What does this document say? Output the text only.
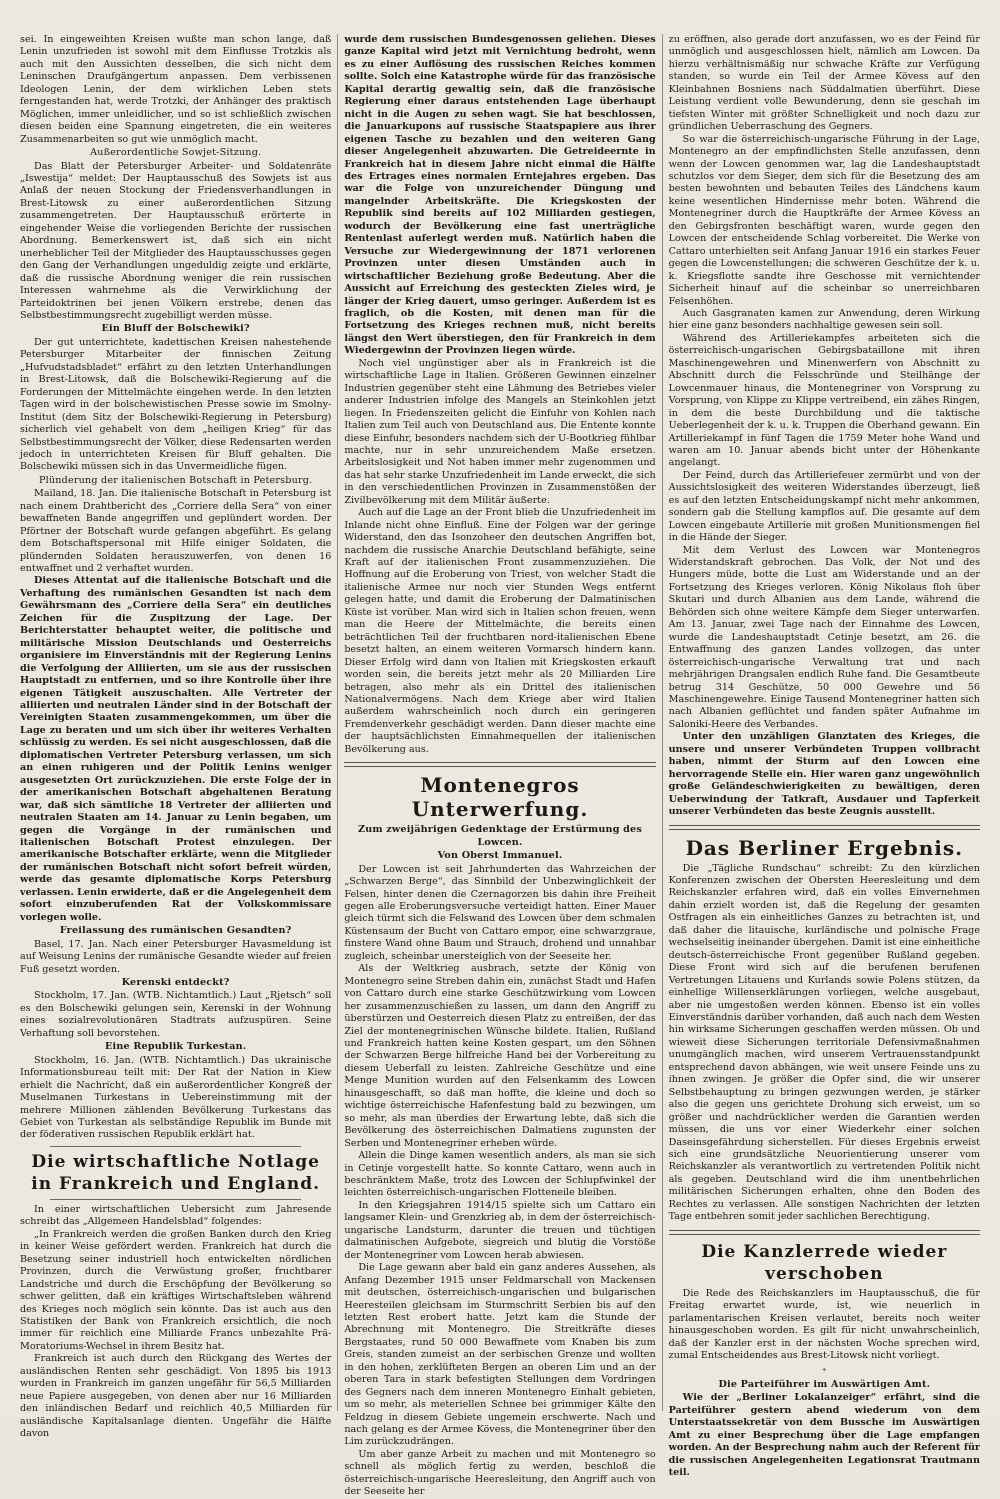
sei. In eingeweihten Kreisen wußte man schon lange, daß Lenin unzufrieden ist sowohl mit dem Einflusse Trotzkis als auch mit den Aussichten desselben, die sich nicht dem Leninschen Draufgängertum anpassen. Dem verbissenen Ideologen Lenin, der dem wirklichen Leben stets ferngestanden hat, werde Trotzki, der Anhänger des praktisch Möglichen, immer unleidlicher, und so ist schließlich zwischen diesen beiden eine Spannung eingetreten, die ein weiteres Zusammenarbeiten so gut wie unmöglich macht.

Außerordentliche Sowjet-Sitzung.

Das Blatt der Petersburger Arbeiter- und Soldatenräte „Iswestija“ meldet: Der Hauptausschuß des Sowjets ist aus Anlaß der neuen Stockung der Friedensverhandlungen in Brest-Litowsk zu einer außerordentlichen Sitzung zusammengetreten. Der Hauptausschuß erörterte in eingehender Weise die vorliegenden Berichte der russischen Abordnung. Bemerkenswert ist, daß sich ein nicht unerheblicher Teil der Mitglieder des Hauptausschusses gegen den Gang der Verhandlungen ungeduldig zeigte und erklärte, daß die russische Abordnung weniger die rein russischen Interessen wahrnehme als die Verwirklichung der Parteidoktrinen bei jenen Völkern erstrebe, denen das Selbstbestimmungsrecht zugebilligt werden müsse.

Ein Bluff der Bolschewiki?

Der gut unterrichtete, kadettischen Kreisen nahestehende Petersburger Mitarbeiter der finnischen Zeitung „Hufvudstadsbladet“ erfährt zu den letzten Unterhandlungen in Brest-Litowsk, daß die Bolschewiki-Regierung auf die Forderungen der Mittelmächte eingehen werde. In den letzten Tagen wird in der bolschewistischen Presse sowie im Smolny-Institut (dem Sitz der Bolschewiki-Regierung in Petersburg) sicherlich viel gehabelt von dem „heiligen Krieg“ für das Selbstbestimmungsrecht der Völker, diese Redensarten werden jedoch in unterrichteten Kreisen für Bluff gehalten. Die Bolschewiki müssen sich in das Unvermeidliche fügen.

Plünderung der italienischen Botschaft in Petersburg.

Mailand, 18. Jan. Die italienische Botschaft in Petersburg ist nach einem Drahtbericht des „Corriere della Sera“ von einer bewaffneten Bande angegriffen und geplündert worden. Der Pförtner der Botschaft wurde gefangen abgeführt. Es gelang dem Botschaftspersonal mit Hilfe einiger Soldaten, die plündernden Soldaten herauszuwerfen, von denen 16 entwaffnet und 2 verhaftet wurden.

Dieses Attentat auf die italienische Botschaft und die Verhaftung des rumänischen Gesandten ist nach dem Gewährsmann des „Corriere della Sera“ ein deutliches Zeichen für die Zuspitzung der Lage. Der Berichterstatter behauptet weiter, die politische und militärische Mission Deutschlands und Oesterreichs organisiere im Einverständnis mit der Regierung Lenins die Verfolgung der Alliierten, um sie aus der russischen Hauptstadt zu entfernen, und so ihre Kontrolle über ihre eigenen Tätigkeit auszuschalten. Alle Vertreter der alliierten und neutralen Länder sind in der Botschaft der Vereinigten Staaten zusammengekommen, um über die Lage zu beraten und um sich über ihr weiteres Verhalten schlüssig zu werden. Es sei nicht ausgeschlossen, daß die diplomatischen Vertreter Petersburg verlassen, um sich an einen ruhigeren und der Politik Lenins weniger ausgesetzten Ort zurückzuziehen. Die erste Folge der in der amerikanischen Botschaft abgehaltenen Beratung war, daß sich sämtliche 18 Vertreter der alliierten und neutralen Staaten am 14. Januar zu Lenin begaben, um gegen die Vorgänge in der rumänischen und italienischen Botschaft Protest einzulegen. Der amerikanische Botschafter erklärte, wenn die Mitglieder der rumänischen Botschaft nicht sofort befreit würden, werde das gesamte diplomatische Korps Petersburg verlassen. Lenin erwiderte, daß er die Angelegenheit dem sofort einzuberufenden Rat der Volkskommissare vorlegen wolle.

Freilassung des rumänischen Gesandten?

Basel, 17. Jan. Nach einer Petersburger Havasmeldung ist auf Weisung Lenins der rumänische Gesandte wieder auf freien Fuß gesetzt worden.

Kerenski entdeckt?

Stockholm, 17. Jan. (WTB. Nichtamtlich.) Laut „Rjetsch“ soll es den Bolschewiki gelungen sein, Kerenski in der Wohnung eines sozialrevolutionären Stadtrats aufzuspüren. Seine Verhaftung soll bevorstehen.

Eine Republik Turkestan.

Stockholm, 16. Jan. (WTB. Nichtamtlich.) Das ukrainische Informationsbureau teilt mit: Der Rat der Nation in Kiew erhielt die Nachricht, daß ein außerordentlicher Kongreß der Muselmanen Turkestans in Uebereinstimmung mit der mehrere Millionen zählenden Bevölkerung Turkestans das Gebiet von Turkestan als selbständige Republik im Bunde mit der föderativen russischen Republik erklärt hat.

Die wirtschaftliche Notlage in Frankreich und England.

In einer wirtschaftlichen Uebersicht zum Jahresende schreibt das „Allgemeen Handelsblad“ folgendes:

„In Frankreich werden die großen Banken durch den Krieg in keiner Weise gefördert werden. Frankreich hat durch die Besetzung seiner industriell hoch entwickelten nördlichen Provinzen, durch die Verwüstung großer, fruchtbarer Landstriche und durch die Erschöpfung der Bevölkerung so schwer gelitten, daß ein kräftiges Wirtschaftsleben während des Krieges noch möglich sein könnte. Das ist auch aus den Statistiken der Bank von Frankreich ersichtlich, die noch immer für reichlich eine Milliarde Francs unbezahlte Prä-Moratoriums-Wechsel in ihrem Besitz hat.

Frankreich ist auch durch den Rückgang des Wertes der ausländischen Renten sehr geschädigt. Von 1895 bis 1913 wurden in Frankreich im ganzen ungefähr für 56,5 Milliarden neue Papiere ausgegeben, von denen aber nur 16 Milliarden den inländischen Bedarf und reichlich 40,5 Milliarden für ausländische Kapitalsanlage dienten. Ungefähr die Hälfte davon

wurde dem russischen Bundesgenossen geliehen. Dieses ganze Kapital wird jetzt mit Vernichtung bedroht, wenn es zu einer Auflösung des russischen Reiches kommen sollte. Solch eine Katastrophe würde für das französische Kapital derartig gewaltig sein, daß die französische Regierung einer daraus entstehenden Lage überhaupt nicht in die Augen zu sehen wagt. Sie hat beschlossen, die Januarkupons auf russische Staatspapiere aus ihrer eigenen Tasche zu bezahlen und den weiteren Gang dieser Angelegenheit abzuwarten. Die Getreideernte in Frankreich hat in diesem Jahre nicht einmal die Hälfte des Ertrages eines normalen Erntejahres ergeben. Das war die Folge von unzureichender Düngung und mangelnder Arbeitskräfte. Die Kriegskosten der Republik sind bereits auf 102 Milliarden gestiegen, wodurch der Bevölkerung eine fast unerträgliche Rentenlast auferlegt werden muß. Natürlich haben die Versuche zur Wiedergewinnung der 1871 verlorenen Provinzen unter diesen Umständen auch in wirtschaftlicher Beziehung große Bedeutung. Aber die Aussicht auf Erreichung des gesteckten Zieles wird, je länger der Krieg dauert, umso geringer. Außerdem ist es fraglich, ob die Kosten, mit denen man für die Fortsetzung des Krieges rechnen muß, nicht bereits längst den Wert überstiegen, den für Frankreich in dem Wiedergewinn der Provinzen liegen würde.

Noch viel ungünstiger aber als in Frankreich ist die wirtschaftliche Lage in Italien. Größeren Gewinnen einzelner Industrien gegenüber steht eine Lähmung des Betriebes vieler anderer Industrien infolge des Mangels an Steinkohlen jetzt liegen. In Friedenszeiten gelicht die Einfuhr von Kohlen nach Italien zum Teil auch von Deutschland aus. Die Entente konnte diese Einfuhr, besonders nachdem sich der U-Bootkrieg fühlbar machte, nur in sehr unzureichendem Maße ersetzen. Arbeitslosigkeit und Not haben immer mehr zugenommen und das hat sehr starke Unzufriedenheit im Lande erweckt, die sich in den verschiedentlichen Provinzen in Zusammenstößen der Zivilbevölkerung mit dem Militär äußerte.

Auch auf die Lage an der Front blieb die Unzufriedenheit im Inlande nicht ohne Einfluß. Eine der Folgen war der geringe Widerstand, den das Isonzoheer den deutschen Angriffen bot, nachdem die russische Anarchie Deutschland befähigte, seine Kraft auf der italienischen Front zusammenzuziehen. Die Hoffnung auf die Eroberung von Triest, von welcher Stadt die italienische Armee nur noch vier Stunden Wegs entfernt gelegen hatte, und damit die Eroberung der Dalmatinischen Küste ist vorüber. Man wird sich in Italien schon freuen, wenn man die Heere der Mittelmächte, die bereits einen beträchtlichen Teil der fruchtbaren nord-italienischen Ebene besetzt halten, an einem weiteren Vormarsch hindern kann. Dieser Erfolg wird dann von Italien mit Kriegskosten erkauft worden sein, die bereits jetzt mehr als 20 Milliarden Lire betragen, also mehr als ein Drittel des italienischen Nationalvermögens. Nach dem Kriege aber wird Italien außerdem wahrscheinlich noch durch ein geringeren Fremdenverkehr geschädigt werden. Dann dieser machte eine der hauptsächlichsten Einnahmequellen der italienischen Bevölkerung aus.

Montenegros Unterwerfung.
Zum zweijährigen Gedenktage der Erstürmung des Lowcen.
Von Oberst Immanuel.

Der Lowcen ist seit Jahrhunderten das Wahrzeichen der „Schwarzen Berge“, das Sinnbild der Unbezwinglichkeit der Felsen, hinter denen die Czernagorzen bis dahin ihre Freiheit gegen alle Eroberungsversuche verteidigt hatten. Einer Mauer gleich türmt sich die Felswand des Lowcen über dem schmalen Küstensaum der Bucht von Cattaro empor, eine schwarzgraue, finstere Wand ohne Baum und Strauch, drohend und unnahbar zugleich, scheinbar unersteiglich von der Seeseite her.

Als der Weltkrieg ausbrach, setzte der König von Montenegro seine Streben dahin ein, zunächst Stadt und Hafen von Cattaro durch eine starke Geschützwirkung vom Lowcen her zusammenzuschießen zu lassen, um dann den Angriff zu überstürzen und Oesterreich diesen Platz zu entreißen, der das Ziel der montenegrinischen Wünsche bildete. Italien, Rußland und Frankreich hatten keine Kosten gespart, um den Söhnen der Schwarzen Berge hilfreiche Hand bei der Vorbereitung zu diesem Ueberfall zu leisten. Zahlreiche Geschütze und eine Menge Munition wurden auf den Felsenkamm des Lowcen hinausgeschafft, so daß man hoffte, die kleine und doch so wichtige österreichische Hafenfestung bald zu bezwingen, um so mehr, als man überdies der Erwartung lebte, daß sich die Bevölkerung des österreichischen Dalmatiens zugunsten der Serben und Montenegriner erheben würde.

Allein die Dinge kamen wesentlich anders, als man sie sich in Cetinje vorgestellt hatte. So konnte Cattaro, wenn auch in beschränktem Maße, trotz des Lowcen der Schlupfwinkel der leichten österreichisch-ungarischen Flotteneile bleiben.

In den Kriegsjahren 1914/15 spielte sich um Cattaro ein langsamer Klein- und Grenzkrieg ab, in dem der österreichisch-ungarische Landsturm, darunter die treuen und tüchtigen dalmatinischen Aufgebote, siegreich und blutig die Vorstöße der Montenegriner vom Lowcen herab abwiesen.

Die Lage gewann aber bald ein ganz anderes Aussehen, als Anfang Dezember 1915 unser Feldmarschall von Mackensen mit deutschen, österreichisch-ungarischen und bulgarischen Heeresteilen gleichsam im Sturmschritt Serbien bis auf den letzten Rest erobert hatte. Jetzt kam die Stunde der Abrechnung mit Montenegro. Die Streitkräfte dieses Bergstaates, rund 50 000 Bewaffnete vom Knaben bis zum Greis, standen zumeist an der serbischen Grenze und wollten in den hohen, zerklüfteten Bergen an oberen Lim und an der oberen Tara in stark befestigten Stellungen dem Vordringen des Gegners nach dem inneren Montenegro Einhalt gebieten, um so mehr, als meteriellen Schnee bei grimmiger Kälte den Feldzug in diesem Gebiete ungemein erschwerte. Nach und nach gelang es der Armee Kövess, die Montenegriner über den Lim zurückzudrängen.

Um aber ganze Arbeit zu machen und mit Montenegro so schnell als möglich fertig zu werden, beschloß die österreichisch-ungarische Heeresleitung, den Angriff auch von der Seeseite her

zu eröffnen, also gerade dort anzufassen, wo es der Feind für unmöglich und ausgeschlossen hielt, nämlich am Lowcen. Da hierzu verhältnismäßig nur schwache Kräfte zur Verfügung standen, so wurde ein Teil der Armee Kövess auf den Kleinbahnen Bosniens nach Süddalmatien überführt. Diese Leistung verdient volle Bewunderung, denn sie geschah im tiefsten Winter mit größter Schnelligkeit und noch dazu zur gründlichen Ueberraschung des Gegners.

So war die österreichisch-ungarische Führung in der Lage, Montenegro an der empfindlichsten Stelle anzufassen, denn wenn der Lowcen genommen war, lag die Landeshauptstadt schutzlos vor dem Sieger, dem sich für die Besetzung des am besten bewohnten und bebauten Teiles des Ländchens kaum keine wesentlichen Hindernisse mehr boten. Während die Montenegriner durch die Hauptkräfte der Armee Kövess an den Gebirgsfronten beschäftigt waren, wurde gegen den Lowcen der entscheidende Schlag vorbereitet. Die Werke von Cattaro unterhielten seit Anfang Januar 1916 ein starkes Feuer gegen die Lowcenstellungen; die schweren Geschütze der k. u. k. Kriegsflotte sandte ihre Geschosse mit vernichtender Sicherheit hinauf auf die scheinbar so unerreichbaren Felsenhöhen.

Auch Gasgranaten kamen zur Anwendung, deren Wirkung hier eine ganz besonders nachhaltige gewesen sein soll.

Während des Artilleriekampfes arbeiteten sich die österreichisch-ungarischen Gebirgsbataillone mit ihren Maschinengewehren und Minenwerfern von Abschnitt zu Abschnitt durch die Felsschründe und Steilhänge der Lowcenmauer hinaus, die Montenegriner von Vorsprung zu Vorsprung, von Klippe zu Klippe vertreibend, ein zähes Ringen, in dem die beste Durchbildung und die taktische Ueberlegenheit der k. u. k. Truppen die Oberhand gewann. Ein Artilleriekampf in fünf Tagen die 1759 Meter hohe Wand und waren am 10. Januar abends bicht unter der Höhenkante angelangt.

Der Feind, durch das Artilleriefeuer zermürbt und von der Aussichtslosigkeit des weiteren Widerstandes überzeugt, ließ es auf den letzten Entscheidungskampf nicht mehr ankommen, sondern gab die Stellung kampflos auf. Die gesamte auf dem Lowcen eingebaute Artillerie mit großen Munitionsmengen fiel in die Hände der Sieger.

Mit dem Verlust des Lowcen war Montenegros Widerstandskraft gebrochen. Das Volk, der Not und des Hungers müde, botte die Lust am Widerstande und an der Fortsetzung des Krieges verloren. König Nikolaus floh über Skutari und durch Albanien aus dem Lande, während die Behörden sich ohne weitere Kämpfe dem Sieger unterwarfen. Am 13. Januar, zwei Tage nach der Einnahme des Lowcen, wurde die Landeshauptstadt Cetinje besetzt, am 26. die Entwaffnung des ganzen Landes vollzogen, das unter österreichisch-ungarische Verwaltung trat und nach mehrjährigen Drangsalen endlich Ruhe fand. Die Gesamtbeute betrug 314 Geschütze, 50 000 Gewehre und 56 Maschinengewehre. Einige Tausend Montenegriner hatten sich nach Albanien geflüchtet und fanden später Aufnahme im Saloniki-Heere des Verbandes.

Unter den unzähligen Glanztaten des Krieges, die unsere und unserer Verbündeten Truppen vollbracht haben, nimmt der Sturm auf den Lowcen eine hervorragende Stelle ein. Hier waren ganz ungewöhnlich große Geländeschwierigkeiten zu bewältigen, deren Ueberwindung der Tatkraft, Ausdauer und Tapferkeit unserer Verbündeten das beste Zeugnis ausstellt.

Das Berliner Ergebnis.

Die „Tägliche Rundschau“ schreibt: Zu den kürzlichen Konferenzen zwischen der Obersten Heeresleitung und dem Reichskanzler erfahren wird, daß ein volles Einvernehmen dahin erzielt worden ist, daß die Regelung der gesamten Ostfragen als ein einheitliches Ganzes zu betrachten ist, und daß daher die litauische, kurländische und polnische Frage wechselseitig ineinander übergehen. Damit ist eine einheitliche deutsch-österreichische Front gegenüber Rußland gegeben. Diese Front wird sich auf die berufenen berufenen Vertretungen Litauens und Kurlands sowie Polens stützen, da einhellige Willenserklärungen vorliegen, welche ausgebaut, aber nie umgestoßen werden können. Ebenso ist ein volles Einverständnis darüber vorhanden, daß auch nach dem Westen hin wirksame Sicherungen geschaffen werden müssen. Ob und wieweit diese Sicherungen territoriale Defensivmaßnahmen unumgänglich machen, wird unserem Vertrauensstandpunkt entsprechend davon abhängen, wie weit unsere Feinde uns zu ihnen zwingen. Je größer die Opfer sind, die wir unserer Selbstbehauptung zu bringen gezwungen werden, je stärker also die gegen uns gerichtete Drohung sich erweist, um so größer und nachdrücklicher werden die Garantien werden müssen, die uns vor einer Wiederkehr einer solchen Daseinsgefährdung sicherstellen. Für dieses Ergebnis erweist sich eine grundsätzliche Neuorientierung unserer vom Reichskanzler als verantwortlich zu vertretenden Politik nicht als gegeben. Deutschland wird die ihm unentbehrlichen militärischen Sicherungen erhalten, ohne den Boden des Rechtes zu verlassen. Alle sonstigen Nachrichten der letzten Tage entbehren somit jeder sachlichen Berechtigung.

Die Kanzlerrede wieder verschoben

Die Rede des Reichskanzlers im Hauptausschuß, die für Freitag erwartet wurde, ist, wie neuerlich in parlamentarischen Kreisen verlautet, bereits noch weiter hinausgeschoben worden. Es gilt für nicht unwahrscheinlich, daß der Kanzler erst in der nächsten Woche sprechen wird, zumal Entscheidendes aus Brest-Litowsk nicht vorliegt.

✦
Die Parteiführer im Auswärtigen Amt.

Wie der „Berliner Lokalanzeiger“ erfährt, sind die Parteiführer gestern abend wiederum von dem Unterstaatssekretär von dem Bussche im Auswärtigen Amt zu einer Besprechung über die Lage empfangen worden. An der Besprechung nahm auch der Referent für die russischen Angelegenheiten Legationsrat Trautmann teil.
